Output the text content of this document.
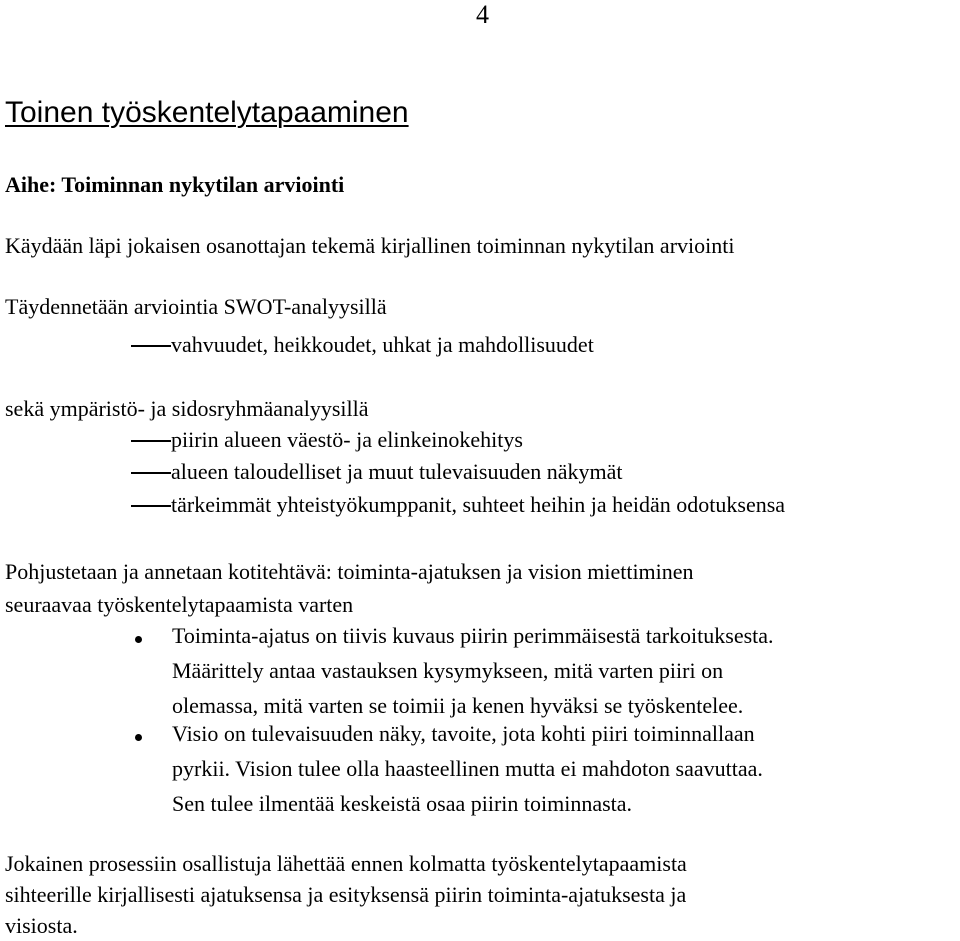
4
Toinen työskentelytapaaminen
Aihe: Toiminnan nykytilan arviointi
Käydään läpi jokaisen osanottajan tekemä kirjallinen toiminnan nykytilan arviointi
Täydennetään arviointia SWOT-analyysillä
vahvuudet, heikkoudet, uhkat ja mahdollisuudet
sekä ympäristö- ja sidosryhmäanalyysillä
piirin alueen väestö- ja elinkeinokehitys
alueen taloudelliset ja muut tulevaisuuden näkymät
tärkeimmät yhteistyökumppanit, suhteet heihin ja heidän odotuksensa
Pohjustetaan ja annetaan kotitehtävä: toiminta-ajatuksen ja vision miettiminen
seuraavaa työskentelytapaamista varten
Toiminta-ajatus on tiivis kuvaus piirin perimmäisestä tarkoituksesta.
Määrittely antaa vastauksen kysymykseen, mitä varten piiri on
olemassa, mitä varten se toimii ja kenen hyväksi se työskentelee.
Visio on tulevaisuuden näky, tavoite, jota kohti piiri toiminnallaan
pyrkii. Vision tulee olla haasteellinen mutta ei mahdoton saavuttaa.
Sen tulee ilmentää keskeistä osaa piirin toiminnasta.
Jokainen prosessiin osallistuja lähettää ennen kolmatta työskentelytapaamista
sihteerille kirjallisesti ajatuksensa ja esityksensä piirin toiminta-ajatuksesta ja
visiosta.
